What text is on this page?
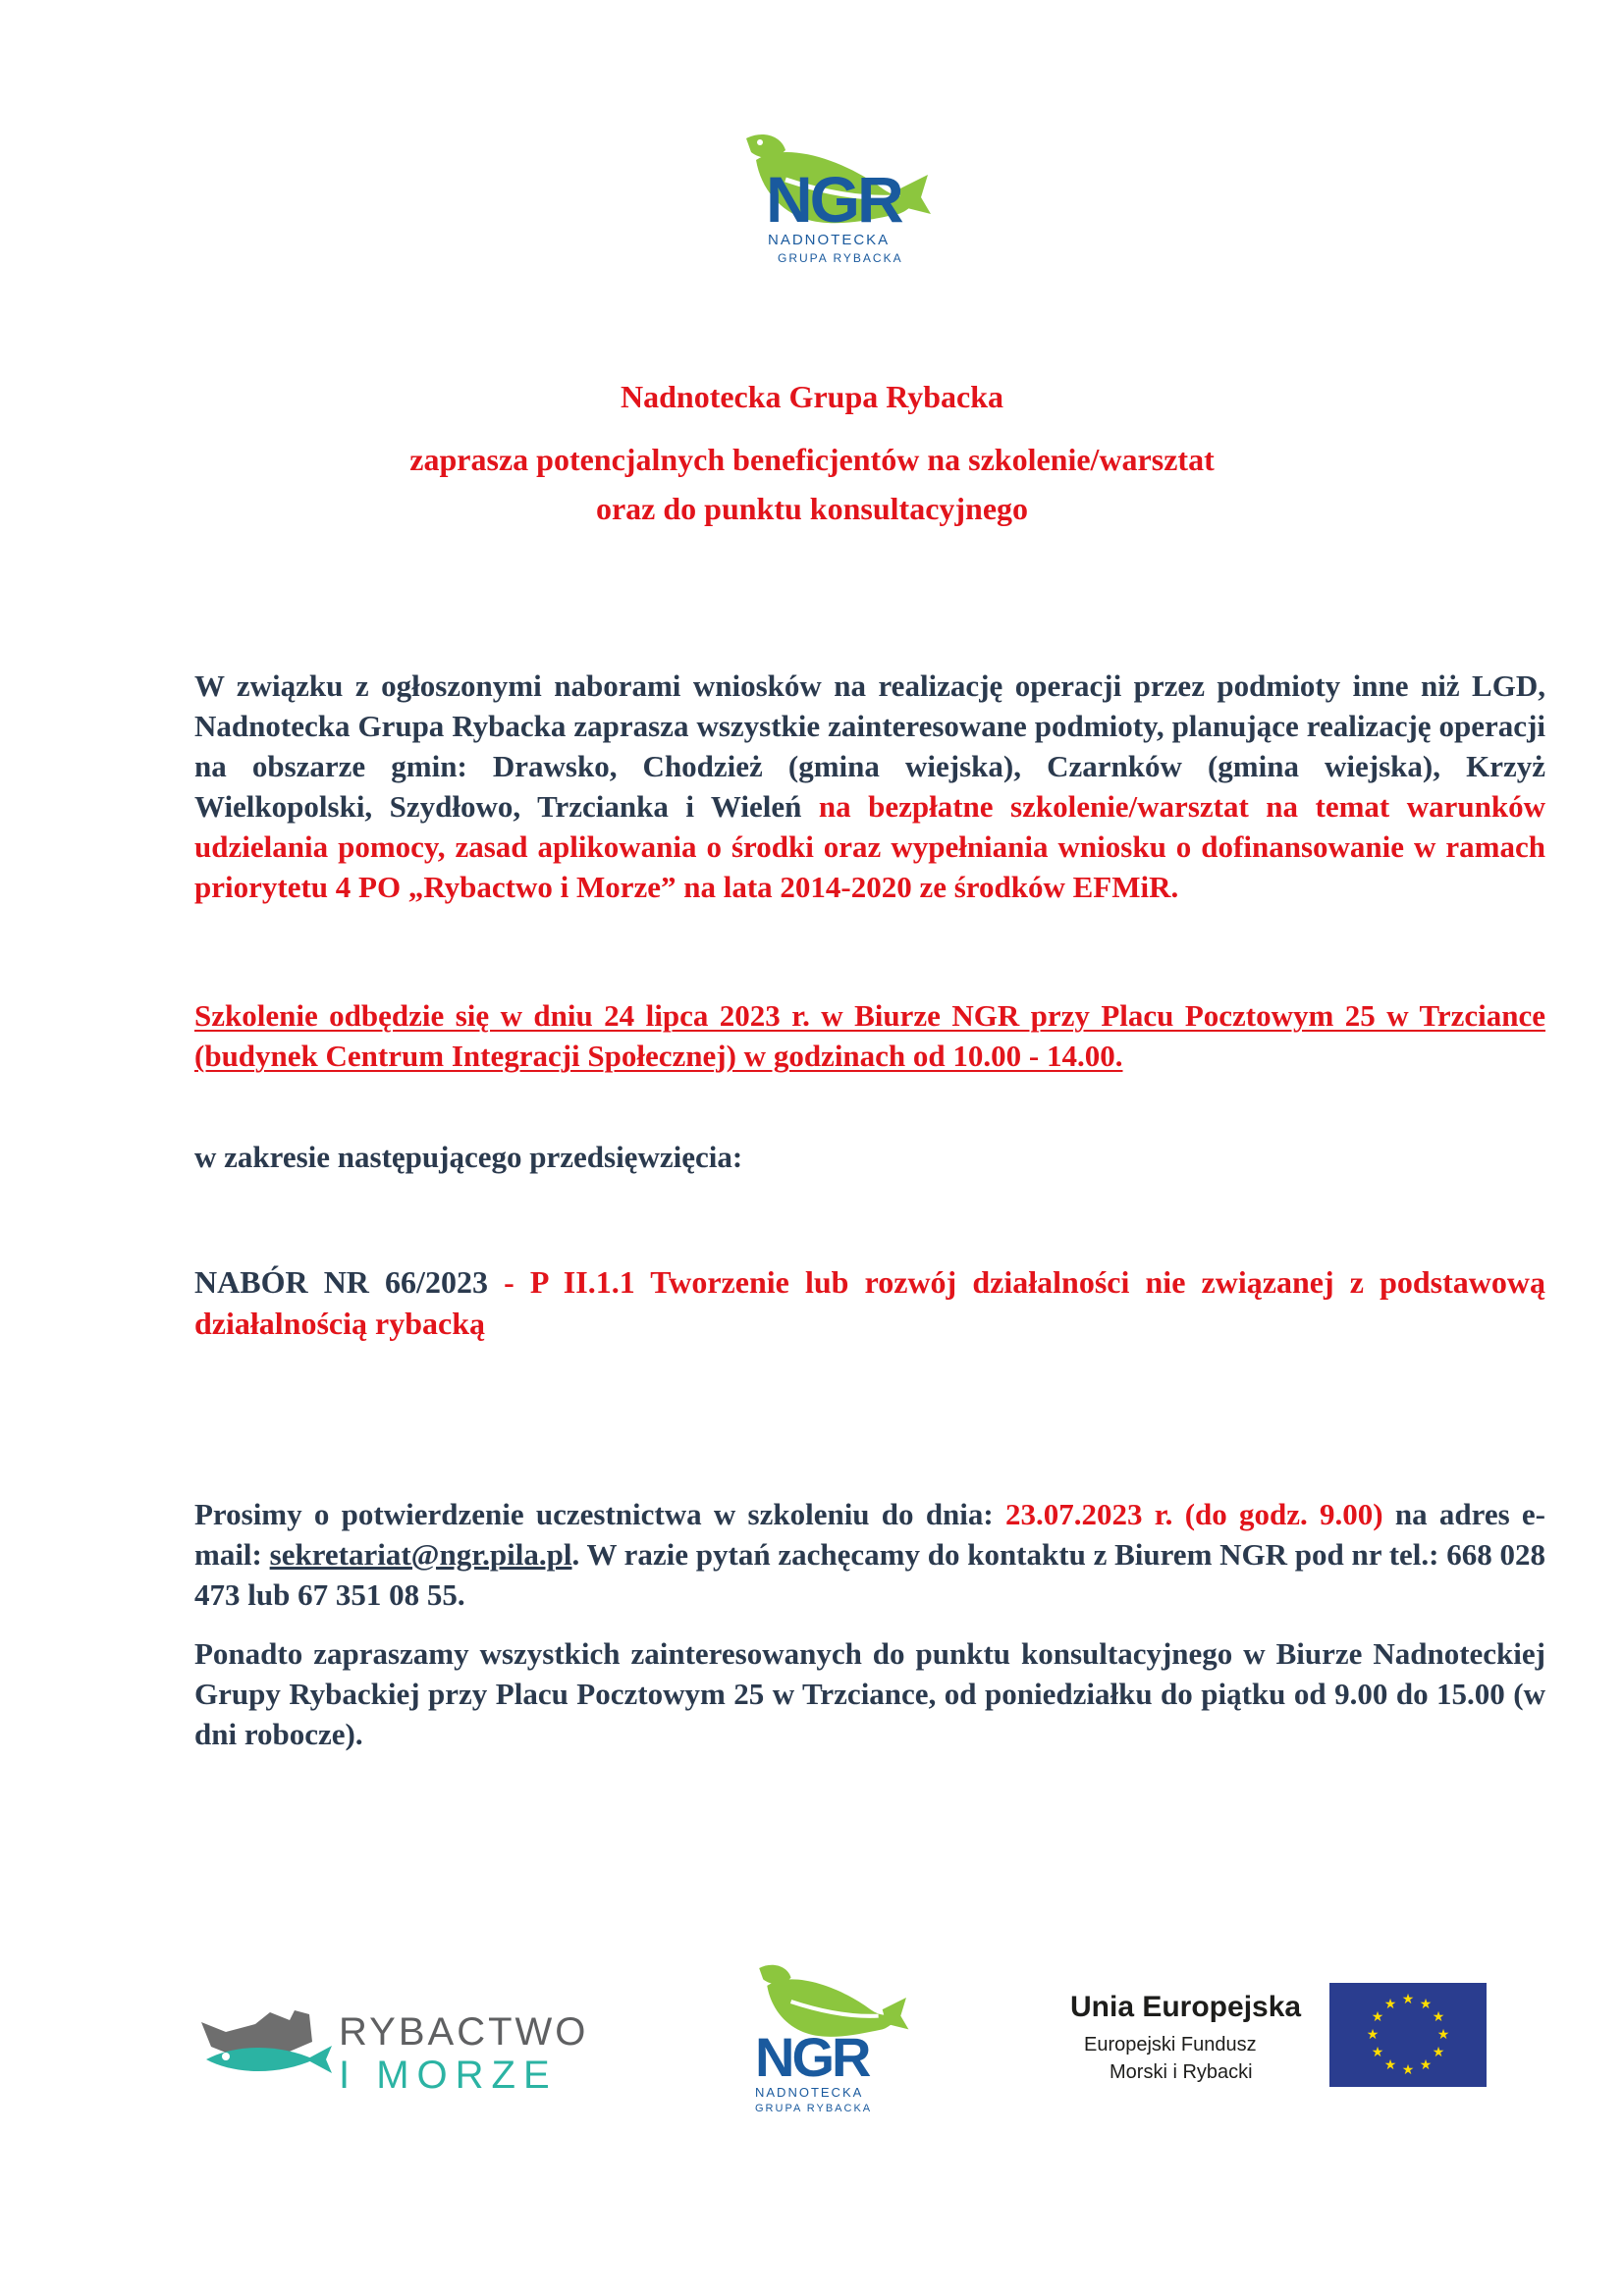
NGR
NADNOTECKA
GRUPA RYBACKA
Nadnotecka Grupa Rybacka
zaprasza potencjalnych beneficjentów na szkolenie/warsztat
oraz do punktu konsultacyjnego

W związku z ogłoszonymi naborami wniosków na realizację operacji przez podmioty inne niż LGD, Nadnotecka Grupa Rybacka zaprasza wszystkie zainteresowane podmioty, planujące realizację operacji na obszarze gmin: Drawsko, Chodzież (gmina wiejska), Czarnków (gmina wiejska), Krzyż Wielkopolski, Szydłowo, Trzcianka i Wieleń na bezpłatne szkolenie/warsztat na temat warunków udzielania pomocy, zasad aplikowania o środki oraz wypełniania wniosku o dofinansowanie w ramach priorytetu 4 PO „Rybactwo i Morze” na lata 2014-2020 ze środków EFMiR.

Szkolenie odbędzie się w dniu 24 lipca 2023 r. w Biurze NGR przy Placu Pocztowym 25 w Trzciance (budynek Centrum Integracji Społecznej) w godzinach od 10.00 - 14.00.

w zakresie następującego przedsięwzięcia:

NABÓR NR 66/2023 - P II.1.1 Tworzenie lub rozwój działalności nie związanej z podstawową działalnością rybacką

Prosimy o potwierdzenie uczestnictwa w szkoleniu do dnia: 23.07.2023 r. (do godz. 9.00) na adres e-mail: sekretariat@ngr.pila.pl. W razie pytań zachęcamy do kontaktu z Biurem NGR pod nr tel.: 668 028 473 lub 67 351 08 55.

Ponadto zapraszamy wszystkich zainteresowanych do punktu konsultacyjnego w Biurze Nadnoteckiej Grupy Rybackiej przy Placu Pocztowym 25 w Trzciance, od poniedziałku do piątku od 9.00 do 15.00 (w dni robocze).

RYBACTWO
I MORZE	NGR
NADNOTECKA
GRUPA RYBACKA
Unia Europejska
Europejski Fundusz
Morski i Rybacki
★ ★
★
★
★
★
★
★
★
★
★
★
